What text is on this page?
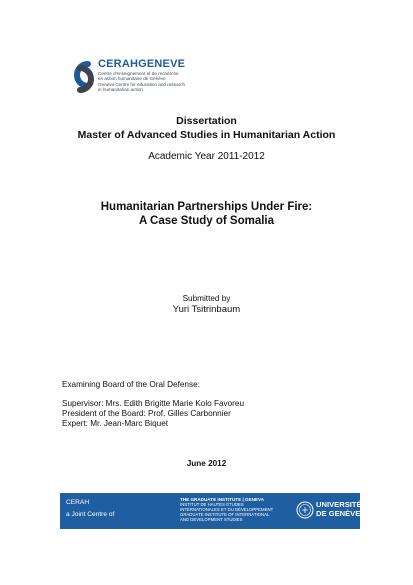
CERAHGENEVE
Centre d'enseignement et de recherche
en action humanitaire de Genève
Geneva Centre for education and research
in humanitarian action
Dissertation
Master of Advanced Studies in Humanitarian Action
Academic Year 2011-2012
Humanitarian Partnerships Under Fire:
A Case Study of Somalia
Submitted by
Yuri Tsitrinbaum
Examining Board of the Oral Defense:
Supervisor: Mrs. Edith Brigitte Marie Kolo Favoreu
President of the Board: Prof. Gilles Carbonnier
Expert: Mr. Jean-Marc Biquet
June 2012
CERAH
a Joint Centre of
THE GRADUATE INSTITUTE | GENEVA
INSTITUT DE HAUTES ÉTUDES
INTERNATIONALES ET DU DÉVELOPPEMENT
GRADUATE INSTITUTE OF INTERNATIONAL
AND DEVELOPMENT STUDIES
UNIVERSITÉ
DE GENÈVE
